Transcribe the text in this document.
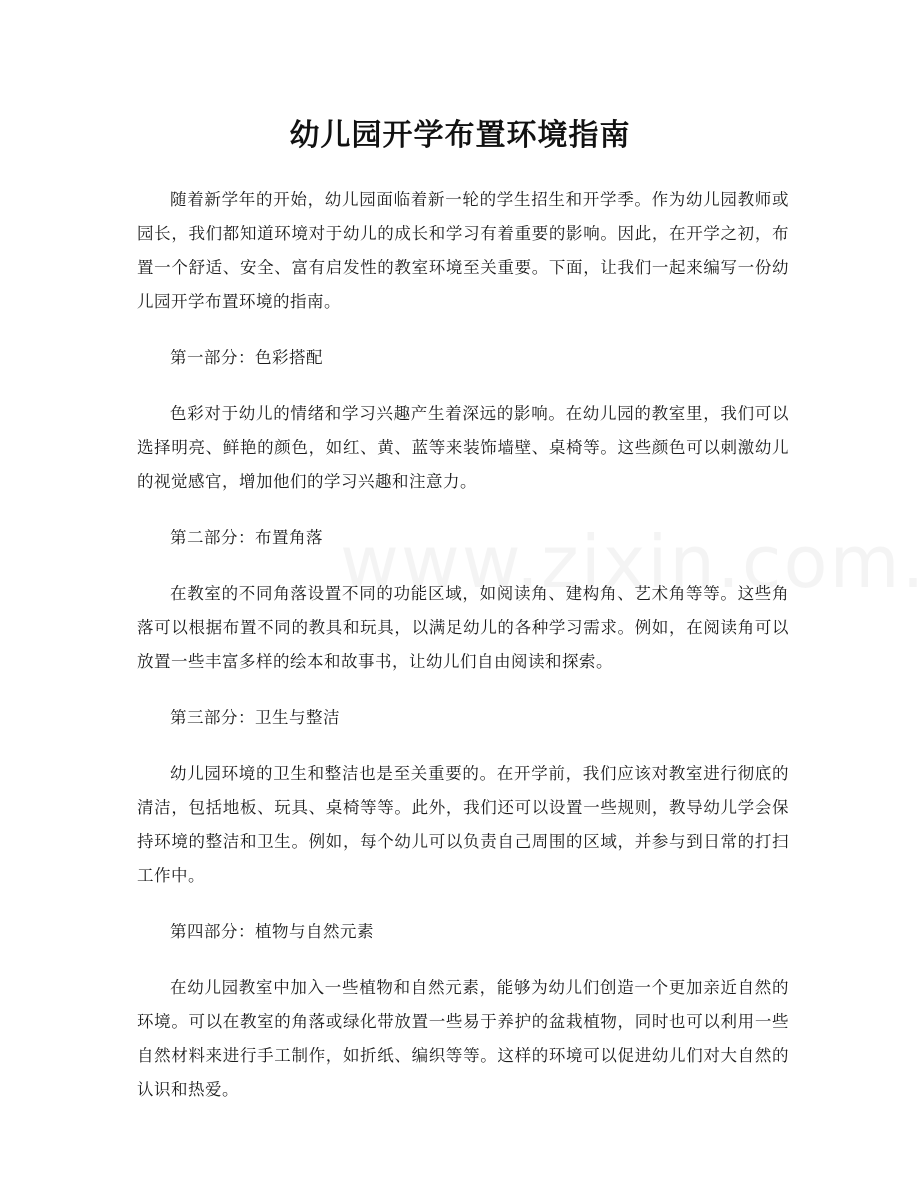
幼儿园开学布置环境指南

随着新学年的开始，幼儿园面临着新一轮的学生招生和开学季。作为幼儿园教师或园长，我们都知道环境对于幼儿的成长和学习有着重要的影响。因此，在开学之初，布置一个舒适、安全、富有启发性的教室环境至关重要。下面，让我们一起来编写一份幼儿园开学布置环境的指南。

第一部分：色彩搭配

色彩对于幼儿的情绪和学习兴趣产生着深远的影响。在幼儿园的教室里，我们可以选择明亮、鲜艳的颜色，如红、黄、蓝等来装饰墙壁、桌椅等。这些颜色可以刺激幼儿的视觉感官，增加他们的学习兴趣和注意力。

第二部分：布置角落

在教室的不同角落设置不同的功能区域，如阅读角、建构角、艺术角等等。这些角落可以根据布置不同的教具和玩具，以满足幼儿的各种学习需求。例如，在阅读角可以放置一些丰富多样的绘本和故事书，让幼儿们自由阅读和探索。

第三部分：卫生与整洁

幼儿园环境的卫生和整洁也是至关重要的。在开学前，我们应该对教室进行彻底的清洁，包括地板、玩具、桌椅等等。此外，我们还可以设置一些规则，教导幼儿学会保持环境的整洁和卫生。例如，每个幼儿可以负责自己周围的区域，并参与到日常的打扫工作中。

第四部分：植物与自然元素

在幼儿园教室中加入一些植物和自然元素，能够为幼儿们创造一个更加亲近自然的环境。可以在教室的角落或绿化带放置一些易于养护的盆栽植物，同时也可以利用一些自然材料来进行手工制作，如折纸、编织等等。这样的环境可以促进幼儿们对大自然的认识和热爱。
